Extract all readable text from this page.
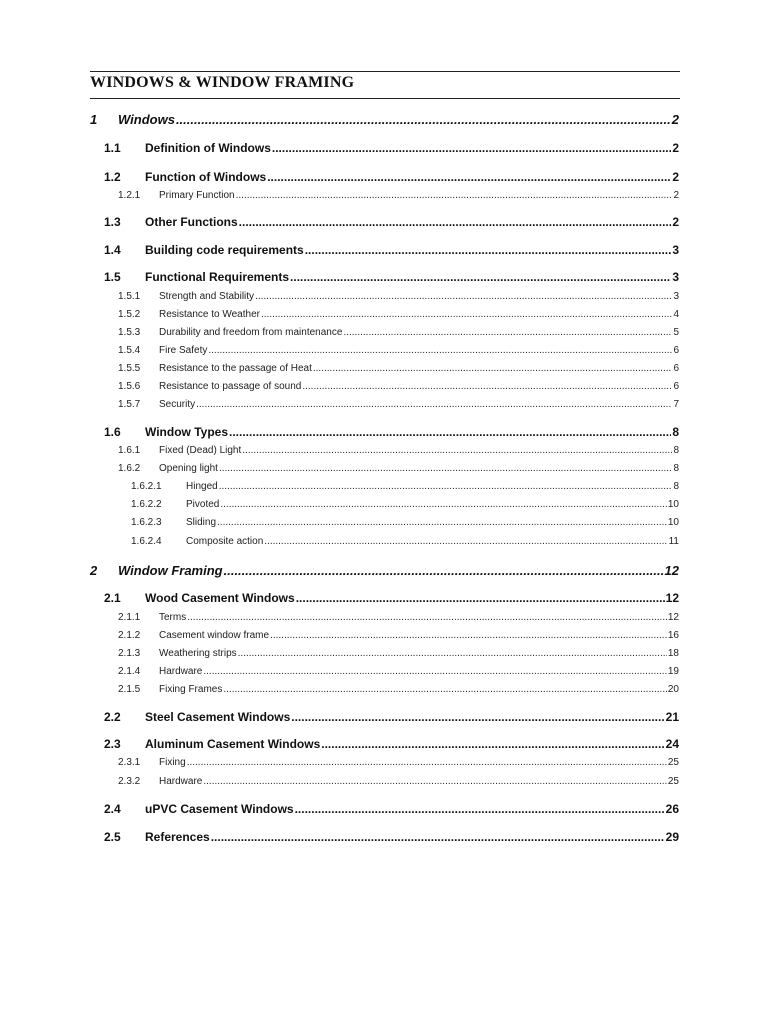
WINDOWS & WINDOW FRAMING
1	Windows .....	2
1.1	Definition of Windows .....	2
1.2	Function of Windows .....	2
1.2.1	Primary Function .....	2
1.3	Other Functions .....	2
1.4	Building code requirements .....	3
1.5	Functional Requirements .....	3
1.5.1	Strength and Stability .....	3
1.5.2	Resistance to Weather .....	4
1.5.3	Durability and freedom from maintenance .....	5
1.5.4	Fire Safety .....	6
1.5.5	Resistance to the passage of Heat .....	6
1.5.6	Resistance to passage of sound .....	6
1.5.7	Security .....	7
1.6	Window Types .....	8
1.6.1	Fixed (Dead) Light .....	8
1.6.2	Opening light .....	8
1.6.2.1	Hinged .....	8
1.6.2.2	Pivoted .....	10
1.6.2.3	Sliding .....	10
1.6.2.4	Composite action .....	11
2	Window Framing .....	12
2.1	Wood Casement Windows .....	12
2.1.1	Terms .....	12
2.1.2	Casement window frame .....	16
2.1.3	Weathering strips .....	18
2.1.4	Hardware .....	19
2.1.5	Fixing Frames .....	20
2.2	Steel Casement Windows .....	21
2.3	Aluminum Casement Windows .....	24
2.3.1	Fixing .....	25
2.3.2	Hardware .....	25
2.4	uPVC Casement Windows .....	26
2.5	References .....	29
